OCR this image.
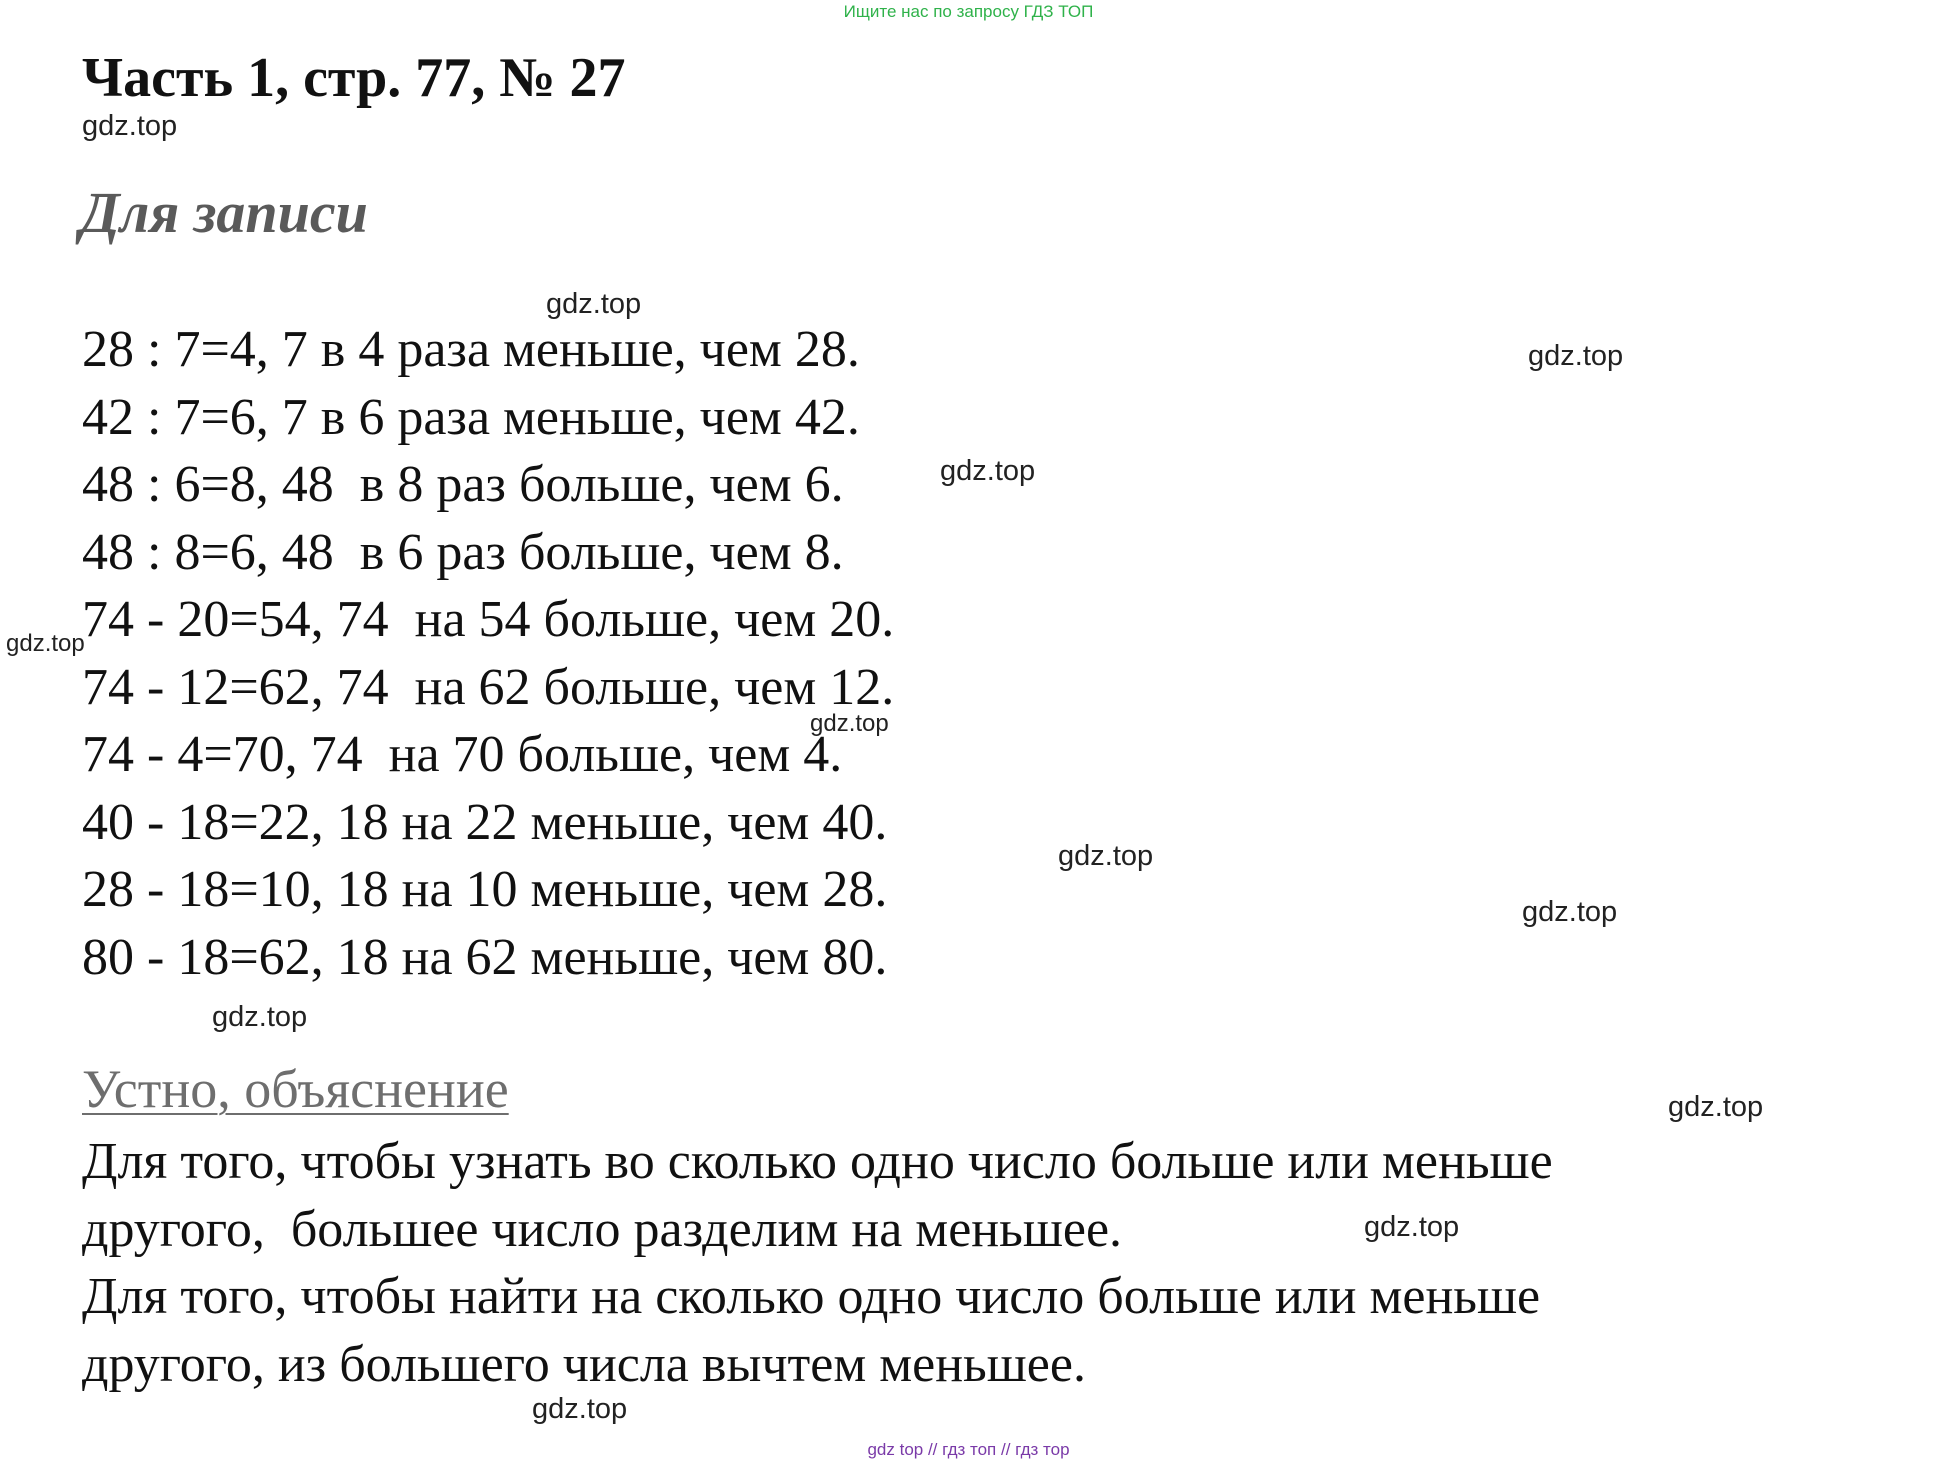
Ищите нас по запросу ГДЗ ТОП
Часть 1, стр. 77, № 27
Для записи
28 : 7=4, 7 в 4 раза меньше, чем 28.
42 : 7=6, 7 в 6 раза меньше, чем 42.
48 : 6=8, 48  в 8 раз больше, чем 6.
48 : 8=6, 48  в 6 раз больше, чем 8.
74 - 20=54, 74  на 54 больше, чем 20.
74 - 12=62, 74  на 62 больше, чем 12.
74 - 4=70, 74  на 70 больше, чем 4.
40 - 18=22, 18 на 22 меньше, чем 40.
28 - 18=10, 18 на 10 меньше, чем 28.
80 - 18=62, 18 на 62 меньше, чем 80.
Устно, объяснение
Для того, чтобы узнать во сколько одно число больше или меньше
другого,  большее число разделим на меньшее.
Для того, чтобы найти на сколько одно число больше или меньше
другого, из большего числа вычтем меньшее.
gdz.top
gdz.top
gdz.top
gdz.top
gdz.top
gdz.top
gdz.top
gdz.top
gdz.top
gdz.top
gdz.top
gdz.top
gdz top // гдз топ // гдз тор
